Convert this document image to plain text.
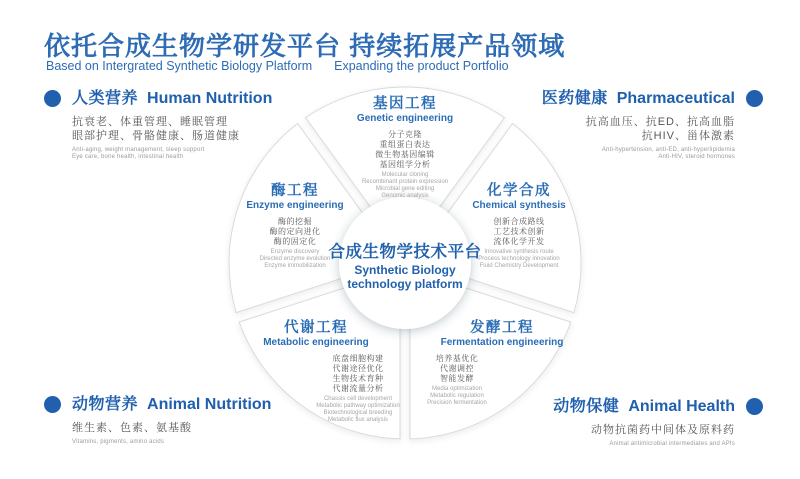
依托合成生物学研发平台 持续拓展产品领域
Based on Intergrated Synthetic Biology Platform Expanding the product Portfolio
基因工程
Genetic engineering
分子克隆
重组蛋白表达
微生物基因编辑
基因组学分析
Molecular cloning
Recombinant protein expression
Microbial gene editing
Genomic analysis
酶工程
Enzyme engineering
酶的挖掘
酶的定向进化
酶的固定化
Enzyme discovery
Directed enzyme evolution
Enzyme immobilization
化学合成
Chemical synthesis
创新合成路线
工艺技术创新
流体化学开发
Innovative synthesis route
Process technology innovation
Fluid Chemistry Development
代谢工程
Metabolic engineering
底盘细胞构建
代谢途径优化
生物技术育种
代谢流量分析
Chassis cell development
Metabolic pathway optimization
Biotechnological breeding
Metabolic flux analysis
发酵工程
Fermentation engineering
培养基优化
代谢调控
智能发酵
Media optimization
Metabolic regulation
Precision fermentation
合成生物学技术平台
Synthetic Biology
technology platform
人类营养 Human Nutrition
抗衰老、体重管理、睡眠管理
眼部护理、骨骼健康、肠道健康
Anti-aging, weight management, sleep support
Eye care, bone health, intestinal health
医药健康 Pharmaceutical
抗高血压、抗ED、抗高血脂
抗HIV、甾体激素
Anti-hypertension, anti-ED, anti-hyperlipidemia
Anti-HIV, steroid hormones
动物营养 Animal Nutrition
维生素、色素、氨基酸
Vitamins, pigments, amino acids
动物保健 Animal Health
动物抗菌药中间体及原料药
Animal antimicrobial intermediates and APIs
